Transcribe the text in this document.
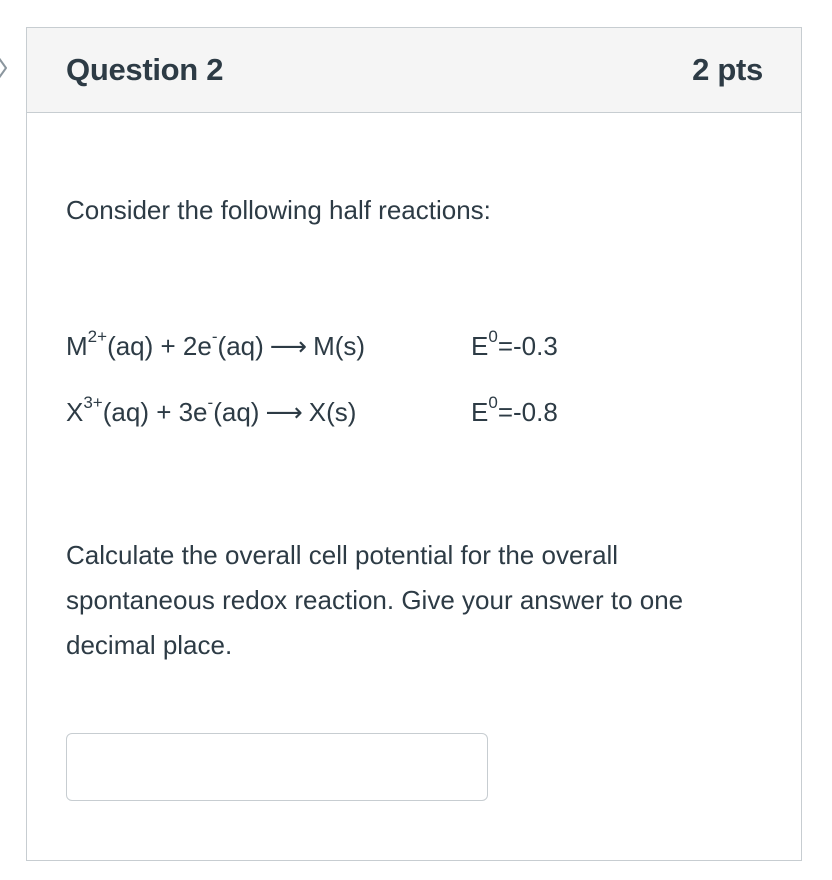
Question 2	2 pts
Consider the following half reactions:
$M^{2+}(aq) + 2e^-(aq)$ ⟶ M(s)	$E^0=-0.3$
$X^{3+}(aq) + 3e^-(aq)$ ⟶ X(s)	$E^0=-0.8$
Calculate the overall cell potential for the overall spontaneous redox reaction. Give your answer to one decimal place.
